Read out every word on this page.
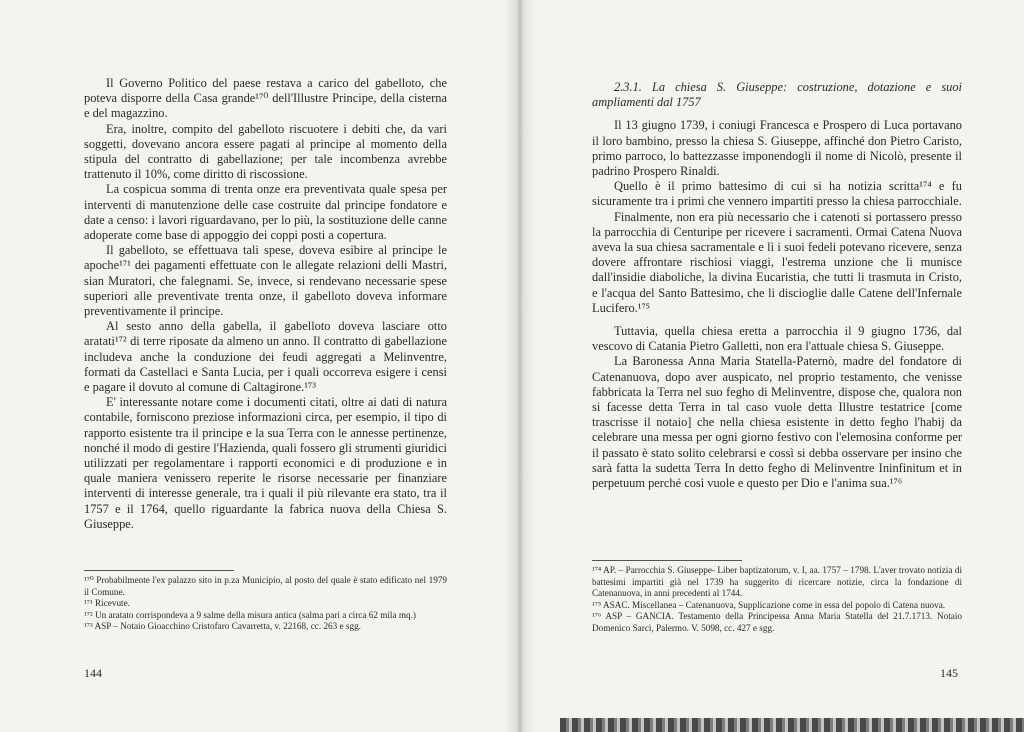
Il Governo Politico del paese restava a carico del gabelloto, che poteva disporre della Casa grande¹⁷⁰ dell'Illustre Principe, della cisterna e del magazzino.

Era, inoltre, compito del gabelloto riscuotere i debiti che, da vari soggetti, dovevano ancora essere pagati al principe al momento della stipula del contratto di gabellazione; per tale incombenza avrebbe trattenuto il 10%, come diritto di riscossione.

La cospicua somma di trenta onze era preventivata quale spesa per interventi di manutenzione delle case costruite dal principe fondatore e date a censo: i lavori riguardavano, per lo più, la sostituzione delle canne adoperate come base di appoggio dei coppi posti a copertura.

Il gabelloto, se effettuava tali spese, doveva esibire al principe le apoche¹⁷¹ dei pagamenti effettuate con le allegate relazioni delli Mastri, sian Muratori, che falegnami. Se, invece, si rendevano necessarie spese superiori alle preventivate trenta onze, il gabelloto doveva informare preventivamente il principe.

Al sesto anno della gabella, il gabelloto doveva lasciare otto aratati¹⁷² di terre riposate da almeno un anno. Il contratto di gabellazione includeva anche la conduzione dei feudi aggregati a Melinventre, formati da Castellaci e Santa Lucia, per i quali occorreva esigere i censi e pagare il dovuto al comune di Caltagirone.¹⁷³

E' interessante notare come i documenti citati, oltre ai dati di natura contabile, forniscono preziose informazioni circa, per esempio, il tipo di rapporto esistente tra il principe e la sua Terra con le annesse pertinenze, nonché il modo di gestire l'Hazienda, quali fossero gli strumenti giuridici utilizzati per regolamentare i rapporti economici e di produzione e in quale maniera venissero reperite le risorse necessarie per finanziare interventi di interesse generale, tra i quali il più rilevante era stato, tra il 1757 e il 1764, quello riguardante la fabrica nuova della Chiesa S. Giuseppe.

¹⁷⁰ Probabilmente l'ex palazzo sito in p.za Municipio, al posto del quale è stato edificato nel 1979 il Comune.

¹⁷¹ Ricevute.

¹⁷² Un aratato corrispondeva a 9 salme della misura antica (salma pari a circa 62 mila mq.)

¹⁷³ ASP – Notaio Gioacchino Cristofaro Cavarretta, v. 22168, cc. 263 e sgg.

144

2.3.1. La chiesa S. Giuseppe: costruzione, dotazione e suoi ampliamenti dal 1757

Il 13 giugno 1739, i coniugi Francesca e Prospero di Luca portavano il loro bambino, presso la chiesa S. Giuseppe, affinché don Pietro Caristo, primo parroco, lo battezzasse imponendogli il nome di Nicolò, presente il padrino Prospero Rinaldi.

Quello è il primo battesimo di cui si ha notizia scritta¹⁷⁴ e fu sicuramente tra i primi che vennero impartiti presso la chiesa parrocchiale.

Finalmente, non era più necessario che i catenoti si portassero presso la parrocchia di Centuripe per ricevere i sacramenti. Ormai Catena Nuova aveva la sua chiesa sacramentale e lì i suoi fedeli potevano ricevere, senza dovere affrontare rischiosi viaggi, l'estrema unzione che li munisce dall'insidie diaboliche, la divina Eucaristia, che tutti li trasmuta in Cristo, e l'acqua del Santo Battesimo, che li discioglie dalle Catene dell'Infernale Lucifero.¹⁷⁵

Tuttavia, quella chiesa eretta a parrocchia il 9 giugno 1736, dal vescovo di Catania Pietro Galletti, non era l'attuale chiesa S. Giuseppe.

La Baronessa Anna Maria Statella-Paternò, madre del fondatore di Catenanuova, dopo aver auspicato, nel proprio testamento, che venisse fabbricata la Terra nel suo fegho di Melinventre, dispose che, qualora non si facesse detta Terra in tal caso vuole detta Illustre testatrice [come trascrisse il notaio] che nella chiesa esistente in detto fegho l'habij da celebrare una messa per ogni giorno festivo con l'elemosina conforme per il passato è stato solito celebrarsi e cossì si debba osservare per insino che sarà fatta la sudetta Terra In detto fegho di Melinventre Ininfinitum et in perpetuum perché così vuole e questo per Dio e l'anima sua.¹⁷⁶

¹⁷⁴ AP. – Parrocchia S. Giuseppe- Liber baptizatorum, v. I, aa. 1757 – 1798. L'aver trovato notizia di battesimi impartiti già nel 1739 ha suggerito di ricercare notizie, circa la fondazione di Catenanuova, in anni precedenti al 1744.

¹⁷⁵ ASAC. Miscellanea – Catenanuova, Supplicazione come in essa del popolo di Catena nuova.

¹⁷⁶ ASP – GANCIA. Testamento della Principessa Anna Maria Statella del 21.7.1713. Notaio Domenico Sarcì, Palermo. V. 5098, cc. 427 e sgg.

145
